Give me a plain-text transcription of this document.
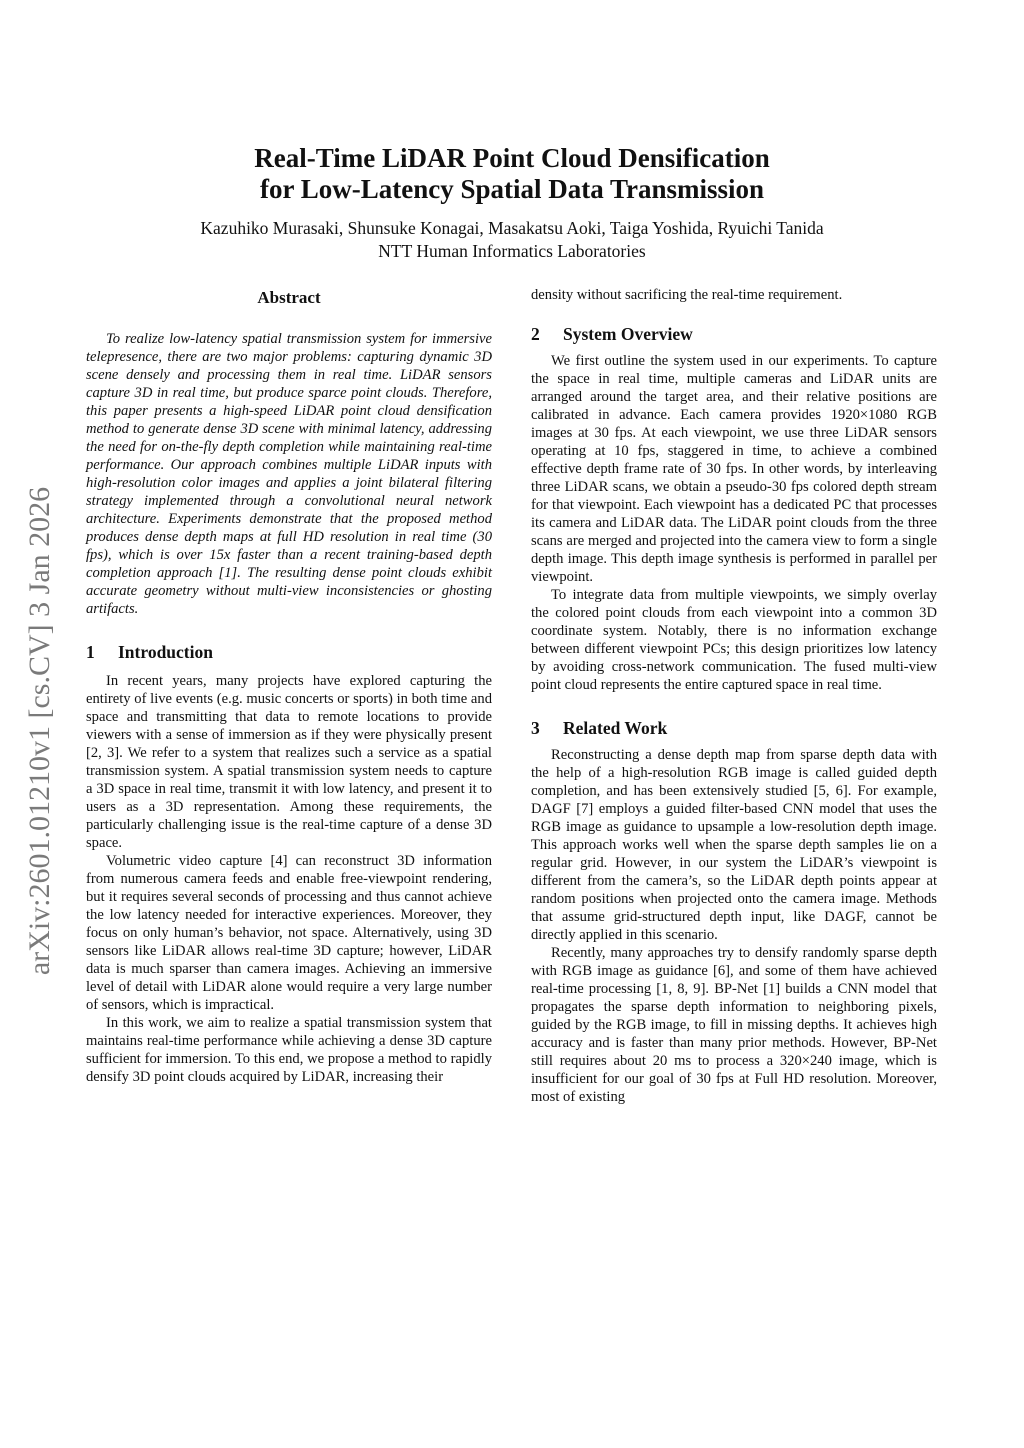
arXiv:2601.01210v1 [cs.CV] 3 Jan 2026
Real-Time LiDAR Point Cloud Densification
for Low-Latency Spatial Data Transmission
Kazuhiko Murasaki, Shunsuke Konagai, Masakatsu Aoki, Taiga Yoshida, Ryuichi Tanida
NTT Human Informatics Laboratories
Abstract

To realize low-latency spatial transmission system for immersive telepresence, there are two major problems: capturing dynamic 3D scene densely and processing them in real time. LiDAR sensors capture 3D in real time, but produce sparce point clouds. Therefore, this paper presents a high-speed LiDAR point cloud densification method to generate dense 3D scene with minimal latency, addressing the need for on-the-fly depth completion while maintaining real-time performance. Our approach combines multiple LiDAR inputs with high-resolution color images and applies a joint bilateral filtering strategy implemented through a convolutional neural network architecture. Experiments demonstrate that the proposed method produces dense depth maps at full HD resolution in real time (30 fps), which is over 15x faster than a recent training-based depth completion approach [1]. The resulting dense point clouds exhibit accurate geometry without multi-view inconsistencies or ghosting artifacts.

1	Introduction

In recent years, many projects have explored capturing the entirety of live events (e.g. music concerts or sports) in both time and space and transmitting that data to remote locations to provide viewers with a sense of immersion as if they were physically present [2, 3]. We refer to a system that realizes such a service as a spatial transmission system. A spatial transmission system needs to capture a 3D space in real time, transmit it with low latency, and present it to users as a 3D representation. Among these requirements, the particularly challenging issue is the real-time capture of a dense 3D space.

Volumetric video capture [4] can reconstruct 3D information from numerous camera feeds and enable free-viewpoint rendering, but it requires several seconds of processing and thus cannot achieve the low latency needed for interactive experiences. Moreover, they focus on only human’s behavior, not space. Alternatively, using 3D sensors like LiDAR allows real-time 3D capture; however, LiDAR data is much sparser than camera images. Achieving an immersive level of detail with LiDAR alone would require a very large number of sensors, which is impractical.

In this work, we aim to realize a spatial transmission system that maintains real-time performance while achieving a dense 3D capture sufficient for immersion. To this end, we propose a method to rapidly densify 3D point clouds acquired by LiDAR, increasing their

density without sacrificing the real-time requirement.

2	System Overview

We first outline the system used in our experiments. To capture the space in real time, multiple cameras and LiDAR units are arranged around the target area, and their relative positions are calibrated in advance. Each camera provides 1920×1080 RGB images at 30 fps. At each viewpoint, we use three LiDAR sensors operating at 10 fps, staggered in time, to achieve a combined effective depth frame rate of 30 fps. In other words, by interleaving three LiDAR scans, we obtain a pseudo-30 fps colored depth stream for that viewpoint. Each viewpoint has a dedicated PC that processes its camera and LiDAR data. The LiDAR point clouds from the three scans are merged and projected into the camera view to form a single depth image. This depth image synthesis is performed in parallel per viewpoint.

To integrate data from multiple viewpoints, we simply overlay the colored point clouds from each viewpoint into a common 3D coordinate system. Notably, there is no information exchange between different viewpoint PCs; this design prioritizes low latency by avoiding cross-network communication. The fused multi-view point cloud represents the entire captured space in real time.

3	Related Work

Reconstructing a dense depth map from sparse depth data with the help of a high-resolution RGB image is called guided depth completion, and has been extensively studied [5, 6]. For example, DAGF [7] employs a guided filter-based CNN model that uses the RGB image as guidance to upsample a low-resolution depth image. This approach works well when the sparse depth samples lie on a regular grid. However, in our system the LiDAR’s viewpoint is different from the camera’s, so the LiDAR depth points appear at random positions when projected onto the camera image. Methods that assume grid-structured depth input, like DAGF, cannot be directly applied in this scenario.

Recently, many approaches try to densify randomly sparse depth with RGB image as guidance [6], and some of them have achieved real-time processing [1, 8, 9]. BP-Net [1] builds a CNN model that propagates the sparse depth information to neighboring pixels, guided by the RGB image, to fill in missing depths. It achieves high accuracy and is faster than many prior methods. However, BP-Net still requires about 20 ms to process a 320×240 image, which is insufficient for our goal of 30 fps at Full HD resolution. Moreover, most of existing
